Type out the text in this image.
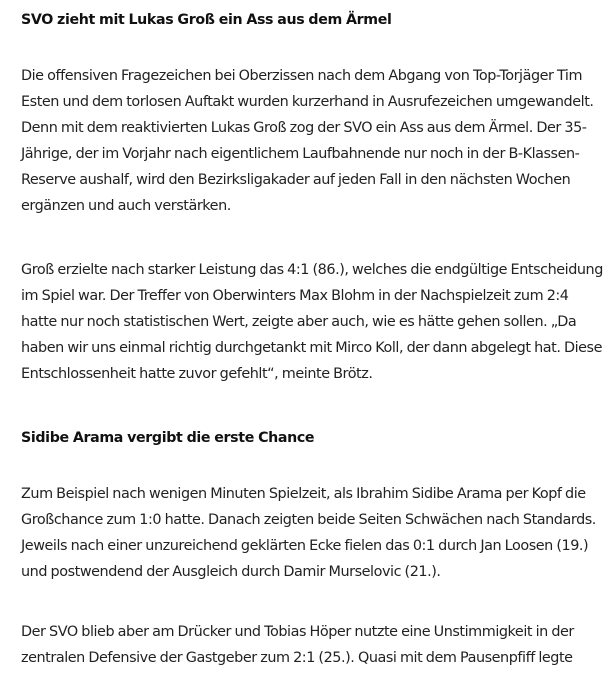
SVO zieht mit Lukas Groß ein Ass aus dem Ärmel

Die offensiven Fragezeichen bei Oberzissen nach dem Abgang von Top-Torjäger Tim Esten und dem torlosen Auftakt wurden kurzerhand in Ausrufezeichen umgewandelt. Denn mit dem reaktivierten Lukas Groß zog der SVO ein Ass aus dem Ärmel. Der 35-Jährige, der im Vorjahr nach eigentlichem Laufbahnende nur noch in der B-Klassen-Reserve aushalf, wird den Bezirksligakader auf jeden Fall in den nächsten Wochen ergänzen und auch verstärken.

Groß erzielte nach starker Leistung das 4:1 (86.), welches die endgültige Entscheidung im Spiel war. Der Treffer von Oberwinters Max Blohm in der Nachspielzeit zum 2:4 hatte nur noch statistischen Wert, zeigte aber auch, wie es hätte gehen sollen. „Da haben wir uns einmal richtig durchgetankt mit Mirco Koll, der dann abgelegt hat. Diese Entschlossenheit hatte zuvor gefehlt“, meinte Brötz.

Sidibe Arama vergibt die erste Chance

Zum Beispiel nach wenigen Minuten Spielzeit, als Ibrahim Sidibe Arama per Kopf die Großchance zum 1:0 hatte. Danach zeigten beide Seiten Schwächen nach Standards. Jeweils nach einer unzureichend geklärten Ecke fielen das 0:1 durch Jan Loosen (19.) und postwendend der Ausgleich durch Damir Murselovic (21.).

Der SVO blieb aber am Drücker und Tobias Höper nutzte eine Unstimmigkeit in der zentralen Defensive der Gastgeber zum 2:1 (25.). Quasi mit dem Pausenpfiff legte
